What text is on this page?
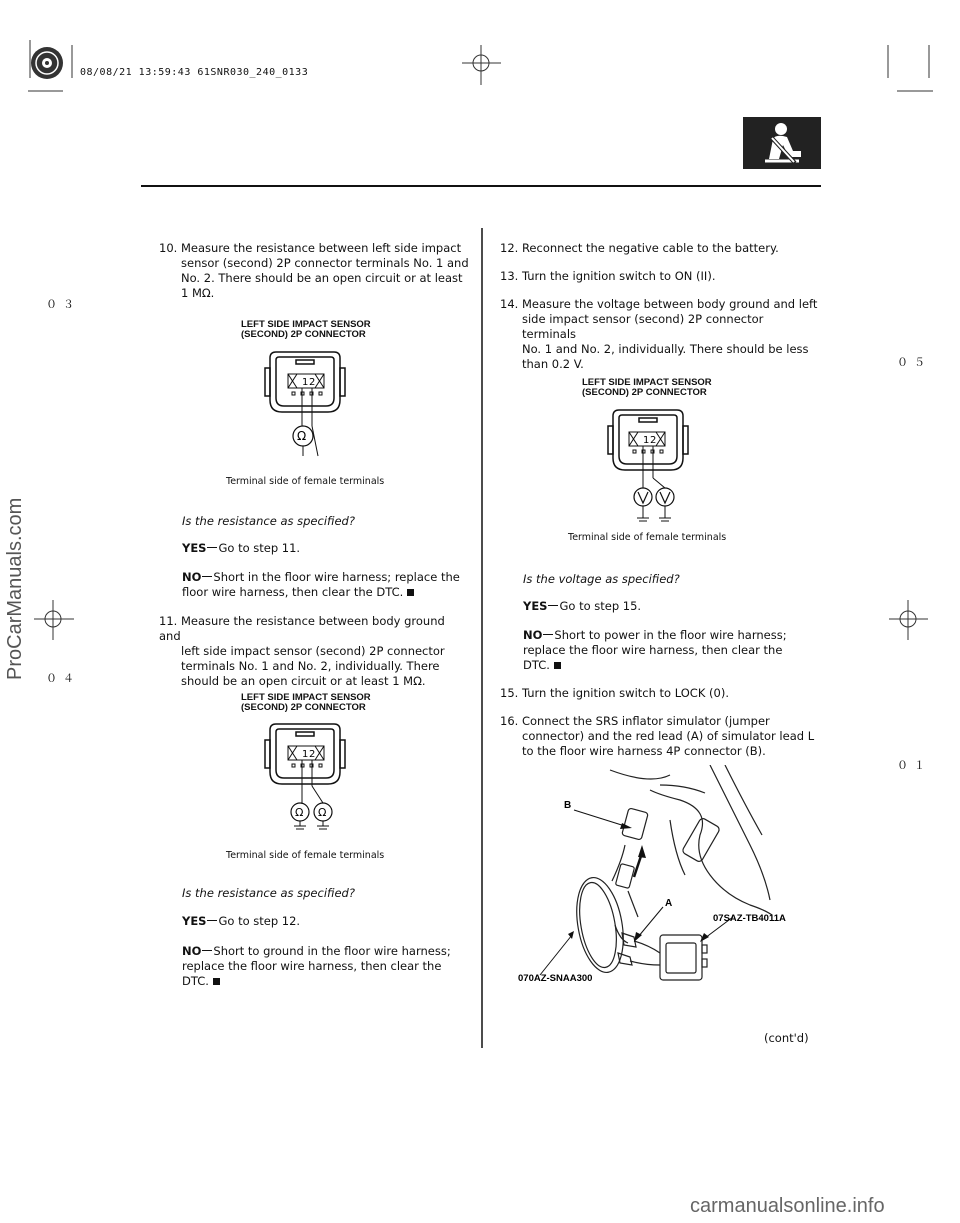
08/08/21 13:59:43 61SNR030_240_0133
０３
０４
０５
０１
ProCarManuals.com
10. Measure the resistance between left side impact
sensor (second) 2P connector terminals No. 1 and
No. 2. There should be an open circuit or at least
1 MΩ.
LEFT SIDE IMPACT SENSOR
(SECOND) 2P CONNECTOR
1 2
Ω
Terminal side of female terminals
Is the resistance as specified?
YES Go to step 11.
NO Short in the floor wire harness; replace the
floor wire harness, then clear the DTC.
11. Measure the resistance between body ground and
left side impact sensor (second) 2P connector
terminals No. 1 and No. 2, individually. There
should be an open circuit or at least 1 MΩ.
LEFT SIDE IMPACT SENSOR
(SECOND) 2P CONNECTOR
1 2
Ω Ω
Terminal side of female terminals
Is the resistance as specified?
YES Go to step 12.
NO Short to ground in the floor wire harness;
replace the floor wire harness, then clear the
DTC.
12. Reconnect the negative cable to the battery.
13. Turn the ignition switch to ON (II).
14. Measure the voltage between body ground and left
side impact sensor (second) 2P connector terminals
No. 1 and No. 2, individually. There should be less
than 0.2 V.
LEFT SIDE IMPACT SENSOR
(SECOND) 2P CONNECTOR
1 2
Terminal side of female terminals
Is the voltage as specified?
YES Go to step 15.
NO Short to power in the floor wire harness;
replace the floor wire harness, then clear the
DTC.
15. Turn the ignition switch to LOCK (0).
16. Connect the SRS inflator simulator (jumper
connector) and the red lead (A) of simulator lead L
to the floor wire harness 4P connector (B).
B
A
07SAZ-TB4011A
070AZ-SNAA300
(cont'd)
carmanualsonline.info
